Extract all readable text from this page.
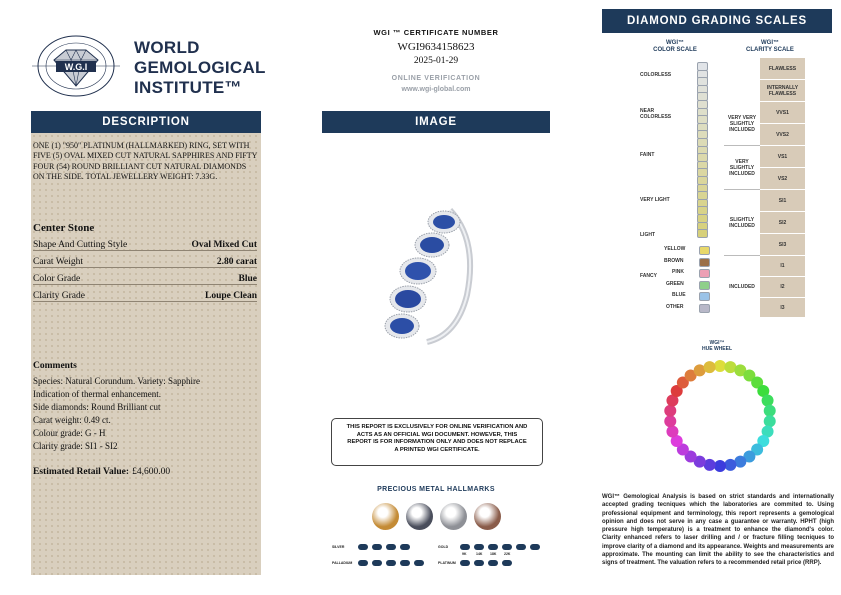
W.G.I
WORLD
GEMOLOGICAL
INSTITUTE™
DESCRIPTION
ONE (1) "950" PLATINUM (HALLMARKED) RING, SET WITH FIVE (5) OVAL MIXED CUT NATURAL SAPPHIRES AND FIFTY FOUR (54) ROUND BRILLIANT CUT NATURAL DIAMONDS ON THE SIDE. TOTAL JEWELLERY WEIGHT: 7.33G.
Center Stone
Shape And Cutting Style	Oval Mixed Cut
Carat Weight	2.80 carat
Color Grade	Blue
Clarity Grade	Loupe Clean
Comments
Species: Natural Corundum. Variety: Sapphire
Indication of thermal enhancement.
Side diamonds: Round Brilliant cut
Carat weight: 0.49 ct.
Colour grade: G - H
Clarity grade: SI1 - SI2
Estimated Retail Value: £4,600.00
WGI ™ CERTIFICATE NUMBER
WGI9634158623
2025-01-29
ONLINE VERIFICATION
www.wgi-global.com
IMAGE
THIS REPORT IS EXCLUSIVELY FOR ONLINE VERIFICATION AND ACTS AS AN OFFICIAL WGI DOCUMENT. HOWEVER, THIS REPORT IS FOR INFORMATION ONLY AND DOES NOT REPLACE A PRINTED WGI CERTIFICATE.
PRECIOUS METAL HALLMARKS
SILVER
PALLADIUM
GOLD
PLATINUM
9K	14K 18K 22K
DIAMOND GRADING SCALES
WGI™
COLOR SCALE
WGI™
CLARITY SCALE
COLORLESS
NEAR
COLORLESS
FAINT
VERY LIGHT
LIGHT
FANCY
YELLOW
BROWN
PINK
GREEN
BLUE
OTHER
FLAWLESS
INTERNALLY
FLAWLESS
VVS1
VVS2
VS1
VS2
SI1
SI2
SI3
I1
I2
I3
VERY VERY
SLIGHTLY
INCLUDED
VERY
SLIGHTLY
INCLUDED
SLIGHTLY
INCLUDED
INCLUDED
WGI™
HUE WHEEL
WGI™ Gemological Analysis is based on strict standards and internationally accepted grading tecniques which the laboratories are commited to. Using professional equipment and terminology, this report represents a gemological opinion and does not serve in any case a guarantee or warranty. HPHT (high pressure high temperature) is a treatment to enhance the diamond's color. Clarity enhanced refers to laser drilling and / or fracture filling tecniques to improve clarity of a diamond and its appearance. Weights and measurements are approximate. The mounting can limit the ability to see the characteristics and signs of treatment. The valuation refers to a recommended retail price (RRP).
